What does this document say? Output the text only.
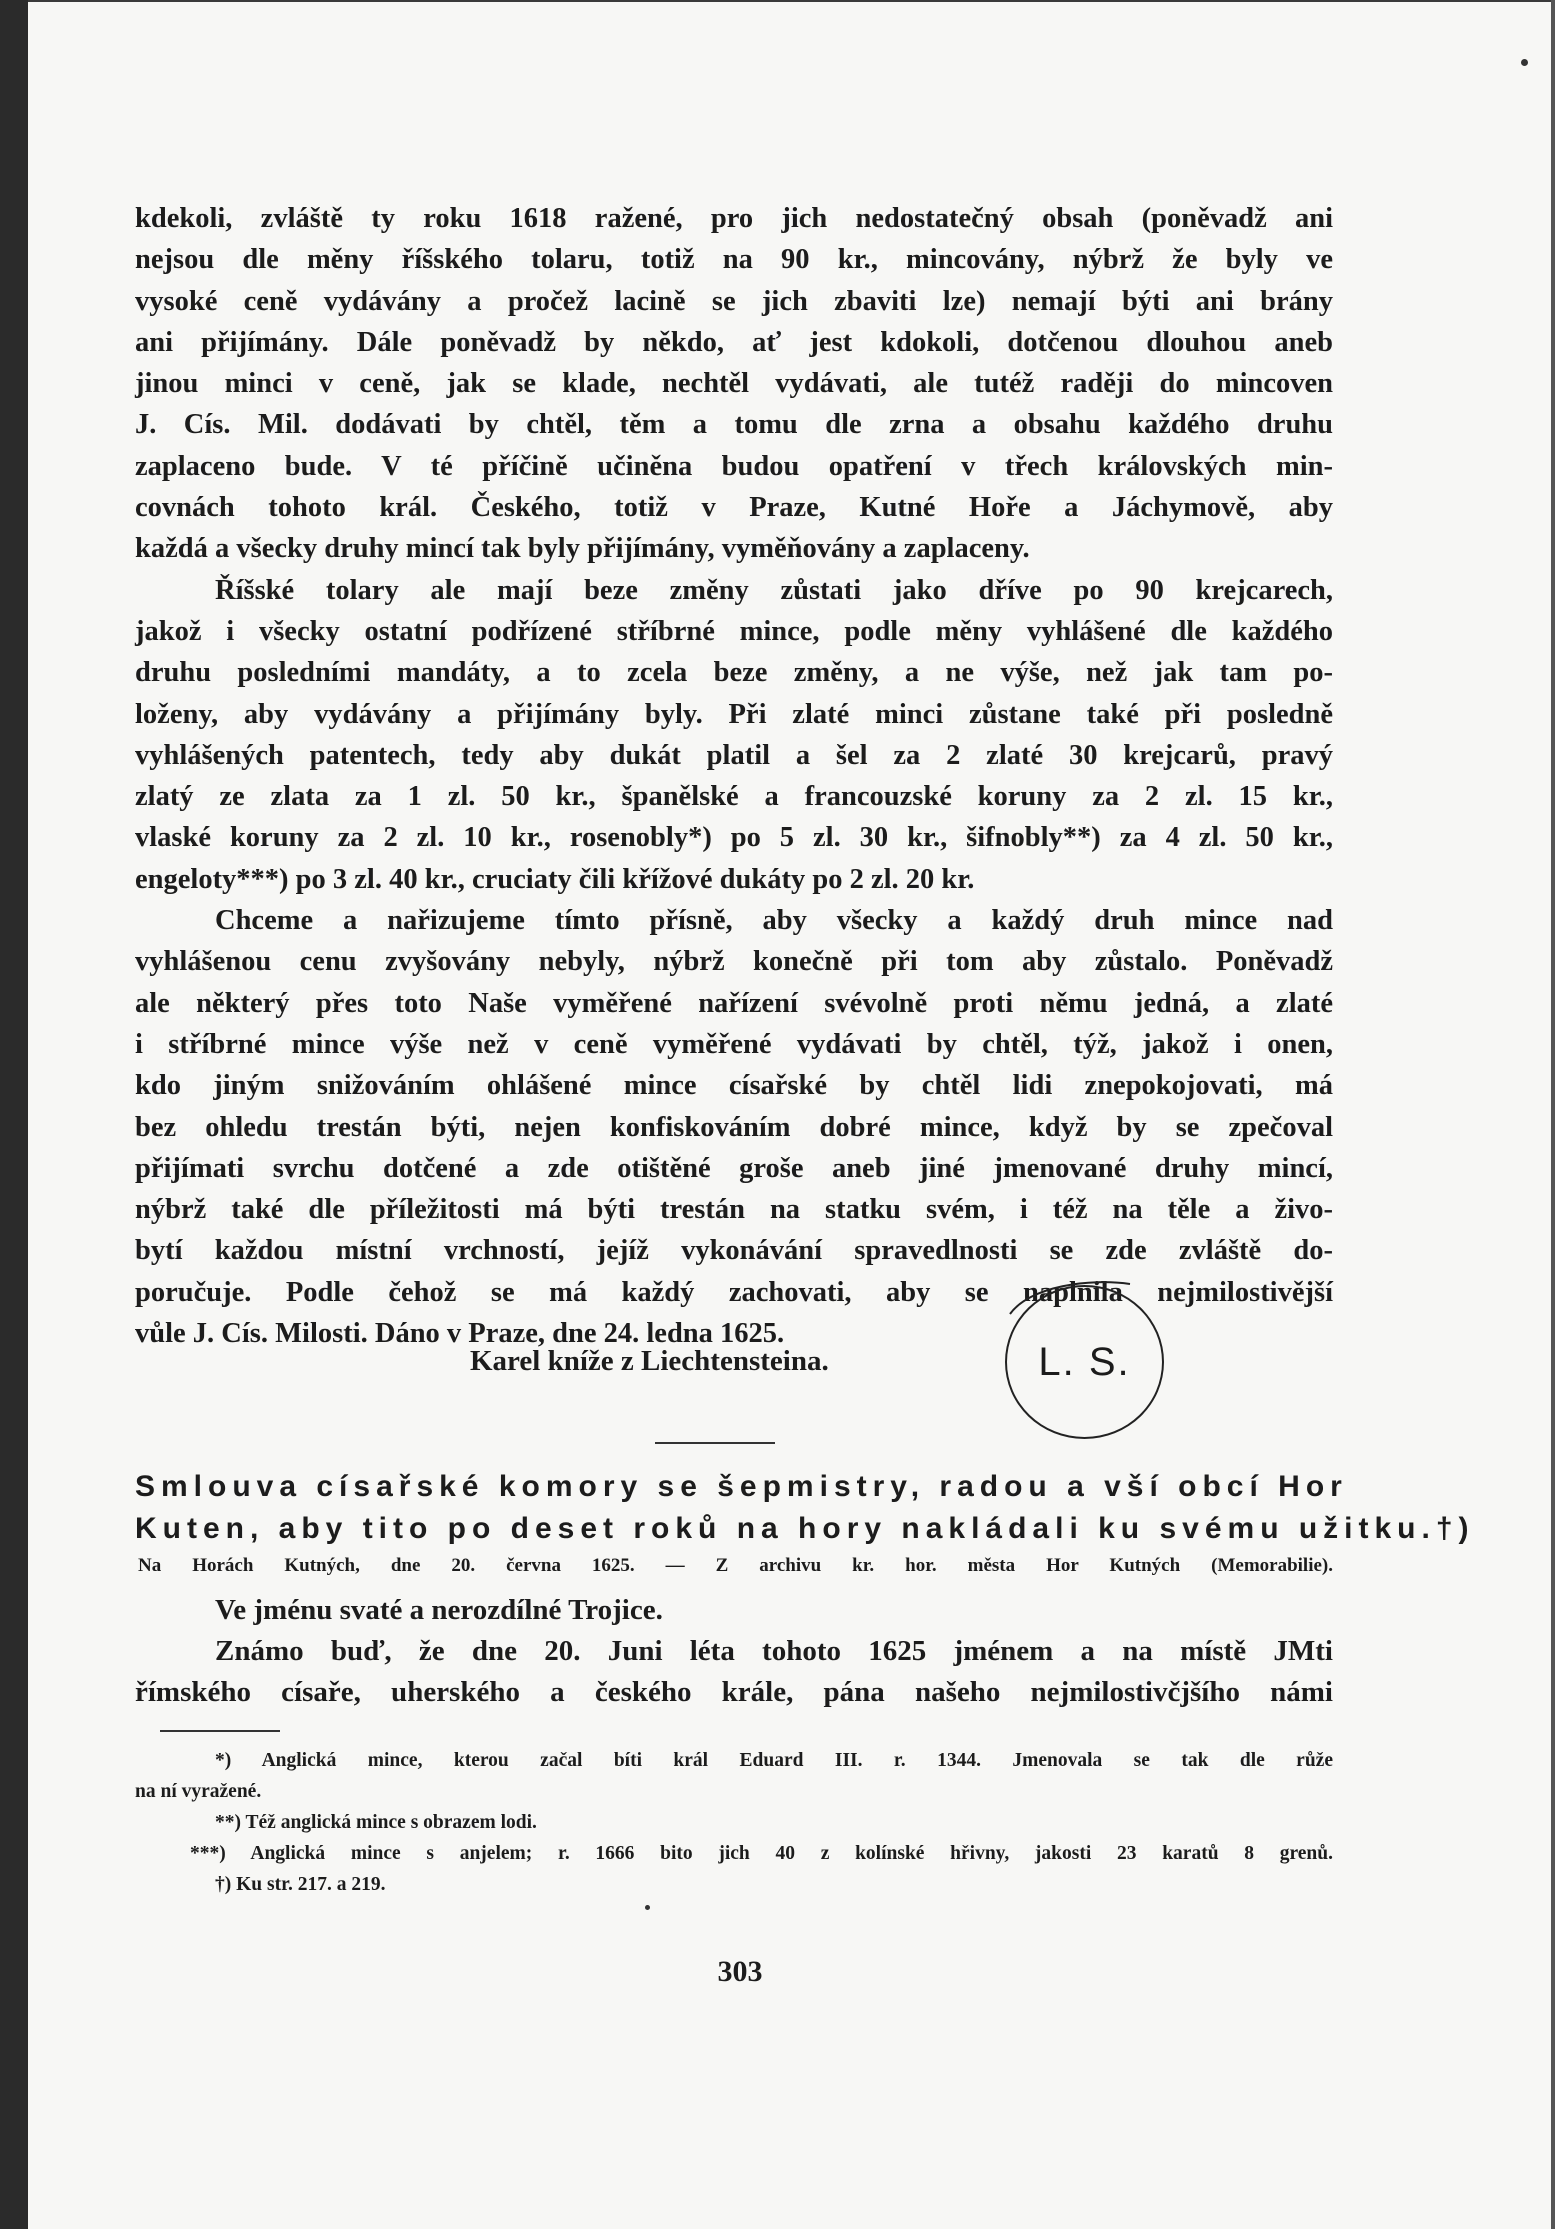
kdekoli, zvláště ty roku 1618 ražené, pro jich nedostatečný obsah (poněvadž ani
nejsou dle měny říšského tolaru, totiž na 90 kr., mincovány, nýbrž že byly ve
vysoké ceně vydávány a pročež lacině se jich zbaviti lze) nemají býti ani brány
ani přijímány. Dále poněvadž by někdo, ať jest kdokoli, dotčenou dlouhou aneb
jinou minci v ceně, jak se klade, nechtěl vydávati, ale tutéž raději do mincoven
J. Cís. Mil. dodávati by chtěl, těm a tomu dle zrna a obsahu každého druhu
zaplaceno bude. V té příčině učiněna budou opatření v třech královských min-
covnách tohoto král. Českého, totiž v Praze, Kutné Hoře a Jáchymově, aby
každá a všecky druhy mincí tak byly přijímány, vyměňovány a zaplaceny.
Říšské tolary ale mají beze změny zůstati jako dříve po 90 krejcarech,
jakož i všecky ostatní podřízené stříbrné mince, podle měny vyhlášené dle každého
druhu posledními mandáty, a to zcela beze změny, a ne výše, než jak tam po-
loženy, aby vydávány a přijímány byly. Při zlaté minci zůstane také při posledně
vyhlášených patentech, tedy aby dukát platil a šel za 2 zlaté 30 krejcarů, pravý
zlatý ze zlata za 1 zl. 50 kr., španělské a francouzské koruny za 2 zl. 15 kr.,
vlaské koruny za 2 zl. 10 kr., rosenobly*) po 5 zl. 30 kr., šifnobly**) za 4 zl. 50 kr.,
engeloty***) po 3 zl. 40 kr., cruciaty čili křížové dukáty po 2 zl. 20 kr.
Chceme a nařizujeme tímto přísně, aby všecky a každý druh mince nad
vyhlášenou cenu zvyšovány nebyly, nýbrž konečně při tom aby zůstalo. Poněvadž
ale některý přes toto Naše vyměřené nařízení svévolně proti němu jedná, a zlaté
i stříbrné mince výše než v ceně vyměřené vydávati by chtěl, týž, jakož i onen,
kdo jiným snižováním ohlášené mince císařské by chtěl lidi znepokojovati, má
bez ohledu trestán býti, nejen konfiskováním dobré mince, když by se zpečoval
přijímati svrchu dotčené a zde otištěné groše aneb jiné jmenované druhy mincí,
nýbrž také dle příležitosti má býti trestán na statku svém, i též na těle a živo-
bytí každou místní vrchností, jejíž vykonávání spravedlnosti se zde zvláště do-
poručuje. Podle čehož se má každý zachovati, aby se naplnila nejmilostivější
vůle J. Cís. Milosti. Dáno v Praze, dne 24. ledna 1625.
Karel kníže z Liechtensteina.	L. S.
Smlouva císařské komory se šepmistry, radou a vší obcí Hor
Kuten, aby tito po deset roků na hory nakládali ku svému užitku.†)
Na Horách Kutných, dne 20. června 1625. — Z archivu kr. hor. města Hor Kutných (Memorabilie).
Ve jménu svaté a nerozdílné Trojice.
Známo buď, že dne 20. Juni léta tohoto 1625 jménem a na místě JMti
římského císaře, uherského a českého krále, pána našeho nejmilostivčjšího námi
*) Anglická mince, kterou začal bíti král Eduard III. r. 1344. Jmenovala se tak dle růže
na ní vyražené.
**) Též anglická mince s obrazem lodi.
***) Anglická mince s anjelem; r. 1666 bito jich 40 z kolínské hřivny, jakosti 23 karatů 8 grenů.
†) Ku str. 217. a 219.
303
